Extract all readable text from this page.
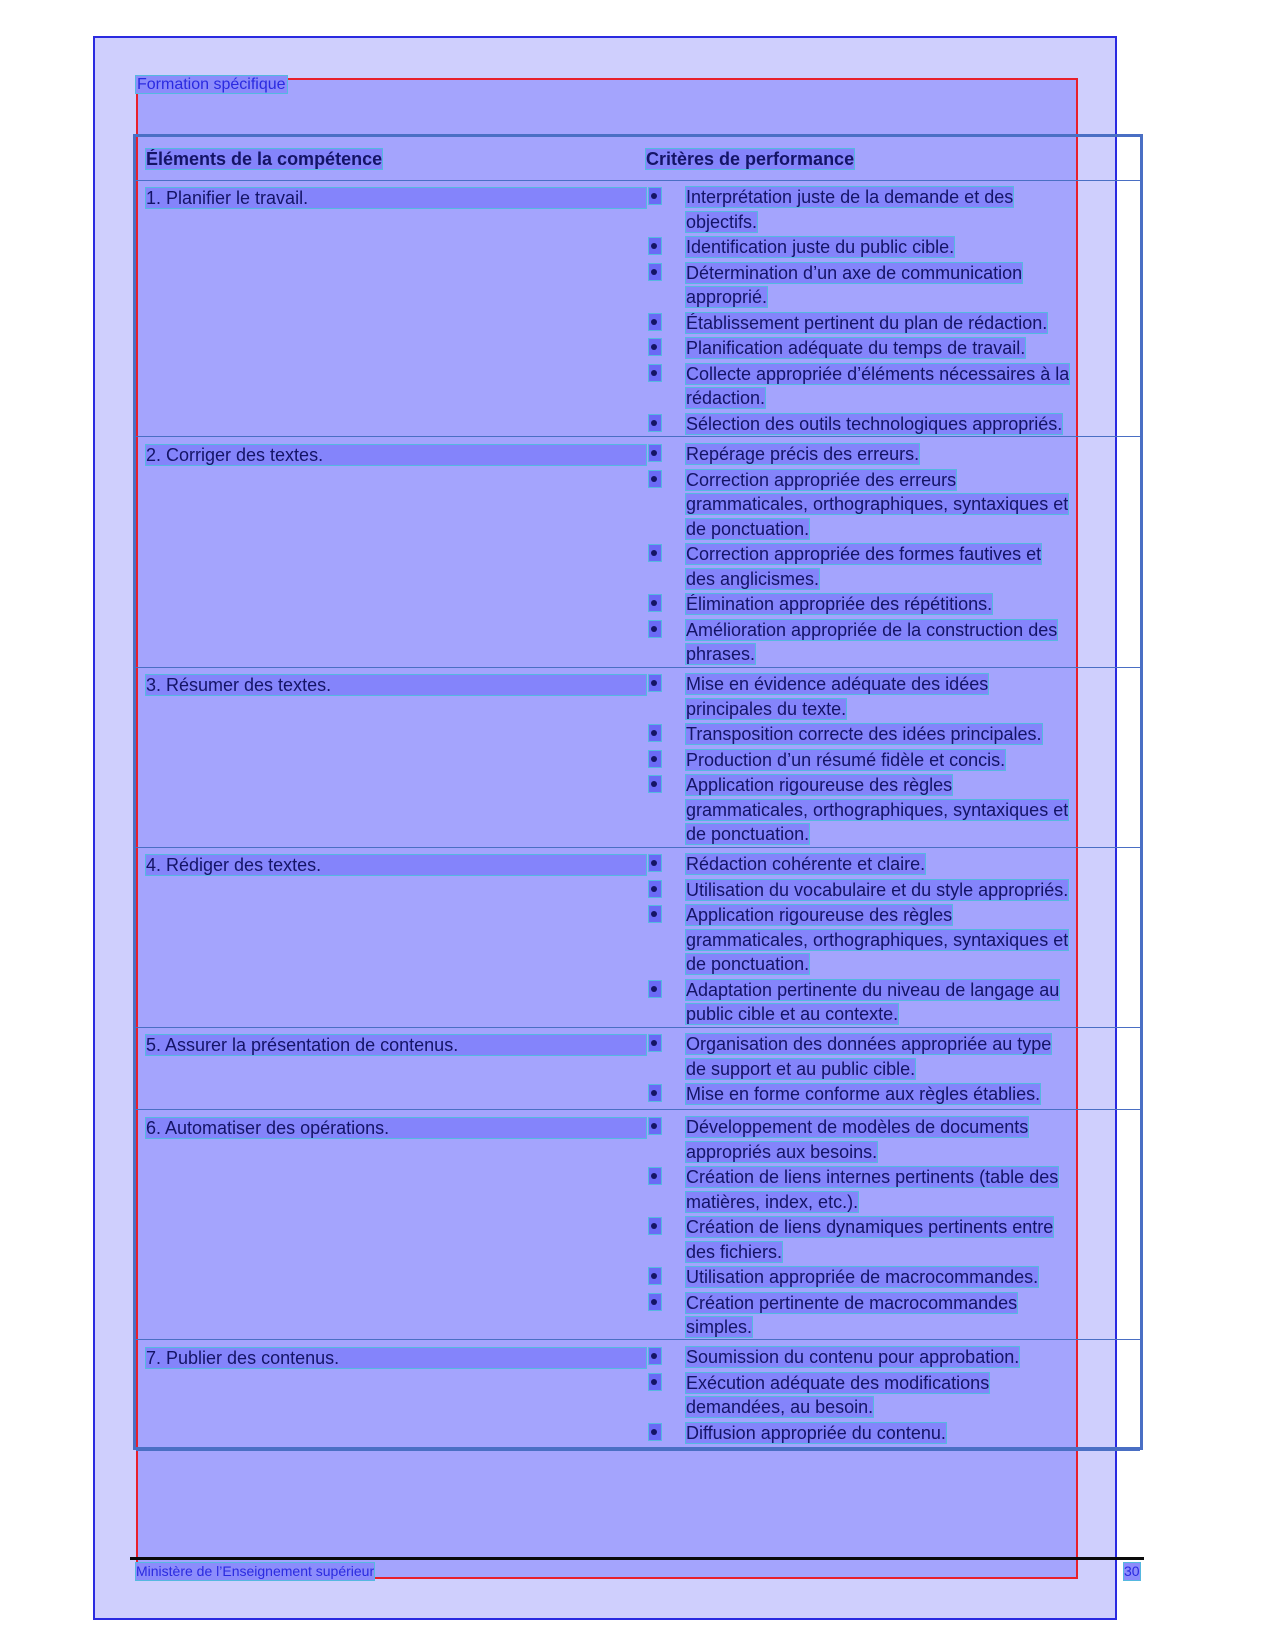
Formation spécifique
Éléments de la compétence	Critères de performance
1. Planifier le travail.	Interprétation juste de la demande et des
objectifs.
Identification juste du public cible.
Détermination d’un axe de communication
approprié.
Établissement pertinent du plan de rédaction.
Planification adéquate du temps de travail.
Collecte appropriée d’éléments nécessaires à la
rédaction.
Sélection des outils technologiques appropriés.
2. Corriger des textes.	Repérage précis des erreurs.
Correction appropriée des erreurs
grammaticales, orthographiques, syntaxiques et
de ponctuation.
Correction appropriée des formes fautives et
des anglicismes.
Élimination appropriée des répétitions.
Amélioration appropriée de la construction des
phrases.
3. Résumer des textes.	Mise en évidence adéquate des idées
principales du texte.
Transposition correcte des idées principales.
Production d’un résumé fidèle et concis.
Application rigoureuse des règles
grammaticales, orthographiques, syntaxiques et
de ponctuation.
4. Rédiger des textes.	Rédaction cohérente et claire.
Utilisation du vocabulaire et du style appropriés.
Application rigoureuse des règles
grammaticales, orthographiques, syntaxiques et
de ponctuation.
Adaptation pertinente du niveau de langage au
public cible et au contexte.
5. Assurer la présentation de contenus.	Organisation des données appropriée au type
de support et au public cible.
Mise en forme conforme aux règles établies.
6. Automatiser des opérations.	Développement de modèles de documents
appropriés aux besoins.
Création de liens internes pertinents (table des
matières, index, etc.).
Création de liens dynamiques pertinents entre
des fichiers.
Utilisation appropriée de macrocommandes.
Création pertinente de macrocommandes
simples.
7. Publier des contenus.	Soumission du contenu pour approbation.
Exécution adéquate des modifications
demandées, au besoin.
Diffusion appropriée du contenu.
Ministère de l’Enseignement supérieur	30
